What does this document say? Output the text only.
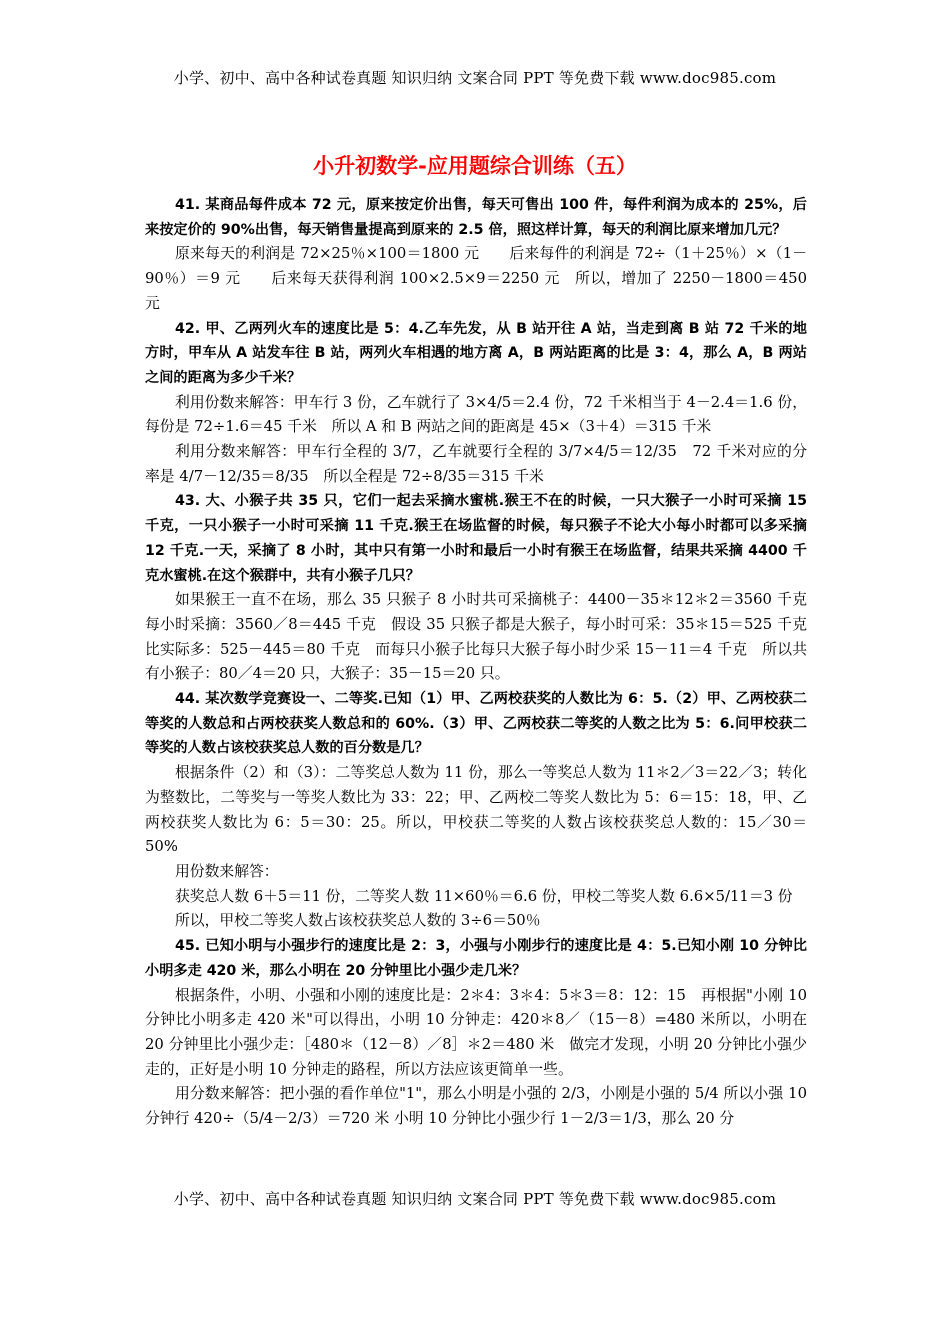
小学、初中、高中各种试卷真题 知识归纳 文案合同 PPT 等免费下载 www.doc985.com
小升初数学-应用题综合训练（五）

41. 某商品每件成本 72 元，原来按定价出售，每天可售出 100 件，每件利润为成本的 25%，后来按定价的 90%出售，每天销售量提高到原来的 2.5 倍，照这样计算，每天的利润比原来增加几元？

原来每天的利润是 72×25％×100＝1800 元　　后来每件的利润是 72÷（1＋25％）×（1－90％）＝9 元　　后来每天获得利润 100×2.5×9＝2250 元　所以，增加了 2250－1800＝450 元

42. 甲、乙两列火车的速度比是 5：4.乙车先发，从 B 站开往 A 站，当走到离 B 站 72 千米的地方时，甲车从 A 站发车往 B 站，两列火车相遇的地方离 A，B 两站距离的比是 3：4，那么 A，B 两站之间的距离为多少千米？

利用份数来解答：甲车行 3 份，乙车就行了 3×4/5＝2.4 份，72 千米相当于 4－2.4＝1.6 份，每份是 72÷1.6＝45 千米　所以 A 和 B 两站之间的距离是 45×（3＋4）＝315 千米

利用分数来解答：甲车行全程的 3/7，乙车就要行全程的 3/7×4/5＝12/35　72 千米对应的分率是 4/7－12/35＝8/35　所以全程是 72÷8/35＝315 千米

43. 大、小猴子共 35 只，它们一起去采摘水蜜桃.猴王不在的时候，一只大猴子一小时可采摘 15 千克，一只小猴子一小时可采摘 11 千克.猴王在场监督的时候，每只猴子不论大小每小时都可以多采摘 12 千克.一天，采摘了 8 小时，其中只有第一小时和最后一小时有猴王在场监督，结果共采摘 4400 千克水蜜桃.在这个猴群中，共有小猴子几只？

如果猴王一直不在场，那么 35 只猴子 8 小时共可采摘桃子：4400－35＊12＊2＝3560 千克　每小时采摘：3560／8＝445 千克　假设 35 只猴子都是大猴子，每小时可采：35＊15＝525 千克　比实际多：525－445＝80 千克　而每只小猴子比每只大猴子每小时少采 15－11＝4 千克　所以共有小猴子：80／4＝20 只，大猴子：35－15＝20 只。

44. 某次数学竞赛设一、二等奖.已知（1）甲、乙两校获奖的人数比为 6：5.（2）甲、乙两校获二等奖的人数总和占两校获奖人数总和的 60%.（3）甲、乙两校获二等奖的人数之比为 5：6.问甲校获二等奖的人数占该校获奖总人数的百分数是几？

根据条件（2）和（3）：二等奖总人数为 11 份，那么一等奖总人数为 11＊2／3＝22／3；转化为整数比，二等奖与一等奖人数比为 33：22；甲、乙两校二等奖人数比为 5：6＝15：18，甲、乙两校获奖人数比为 6：5＝30：25。所以，甲校获二等奖的人数占该校获奖总人数的：15／30＝50%

用份数来解答：

获奖总人数 6＋5＝11 份，二等奖人数 11×60％＝6.6 份，甲校二等奖人数 6.6×5/11＝3 份

所以，甲校二等奖人数占该校获奖总人数的 3÷6＝50％

45. 已知小明与小强步行的速度比是 2：3，小强与小刚步行的速度比是 4：5.已知小刚 10 分钟比小明多走 420 米，那么小明在 20 分钟里比小强少走几米？

根据条件，小明、小强和小刚的速度比是：2＊4：3＊4：5＊3＝8：12：15　再根据"小刚 10 分钟比小明多走 420 米"可以得出，小明 10 分钟走：420＊8／（15－8）=480 米所以，小明在 20 分钟里比小强少走：［480＊（12－8）／8］＊2＝480 米　做完才发现，小明 20 分钟比小强少走的，正好是小明 10 分钟走的路程，所以方法应该更简单一些。

用分数来解答：把小强的看作单位"1"，那么小明是小强的 2/3，小刚是小强的 5/4 所以小强 10 分钟行 420÷（5/4－2/3）＝720 米 小明 10 分钟比小强少行 1－2/3＝1/3，那么 20 分

小学、初中、高中各种试卷真题 知识归纳 文案合同 PPT 等免费下载 www.doc985.com
